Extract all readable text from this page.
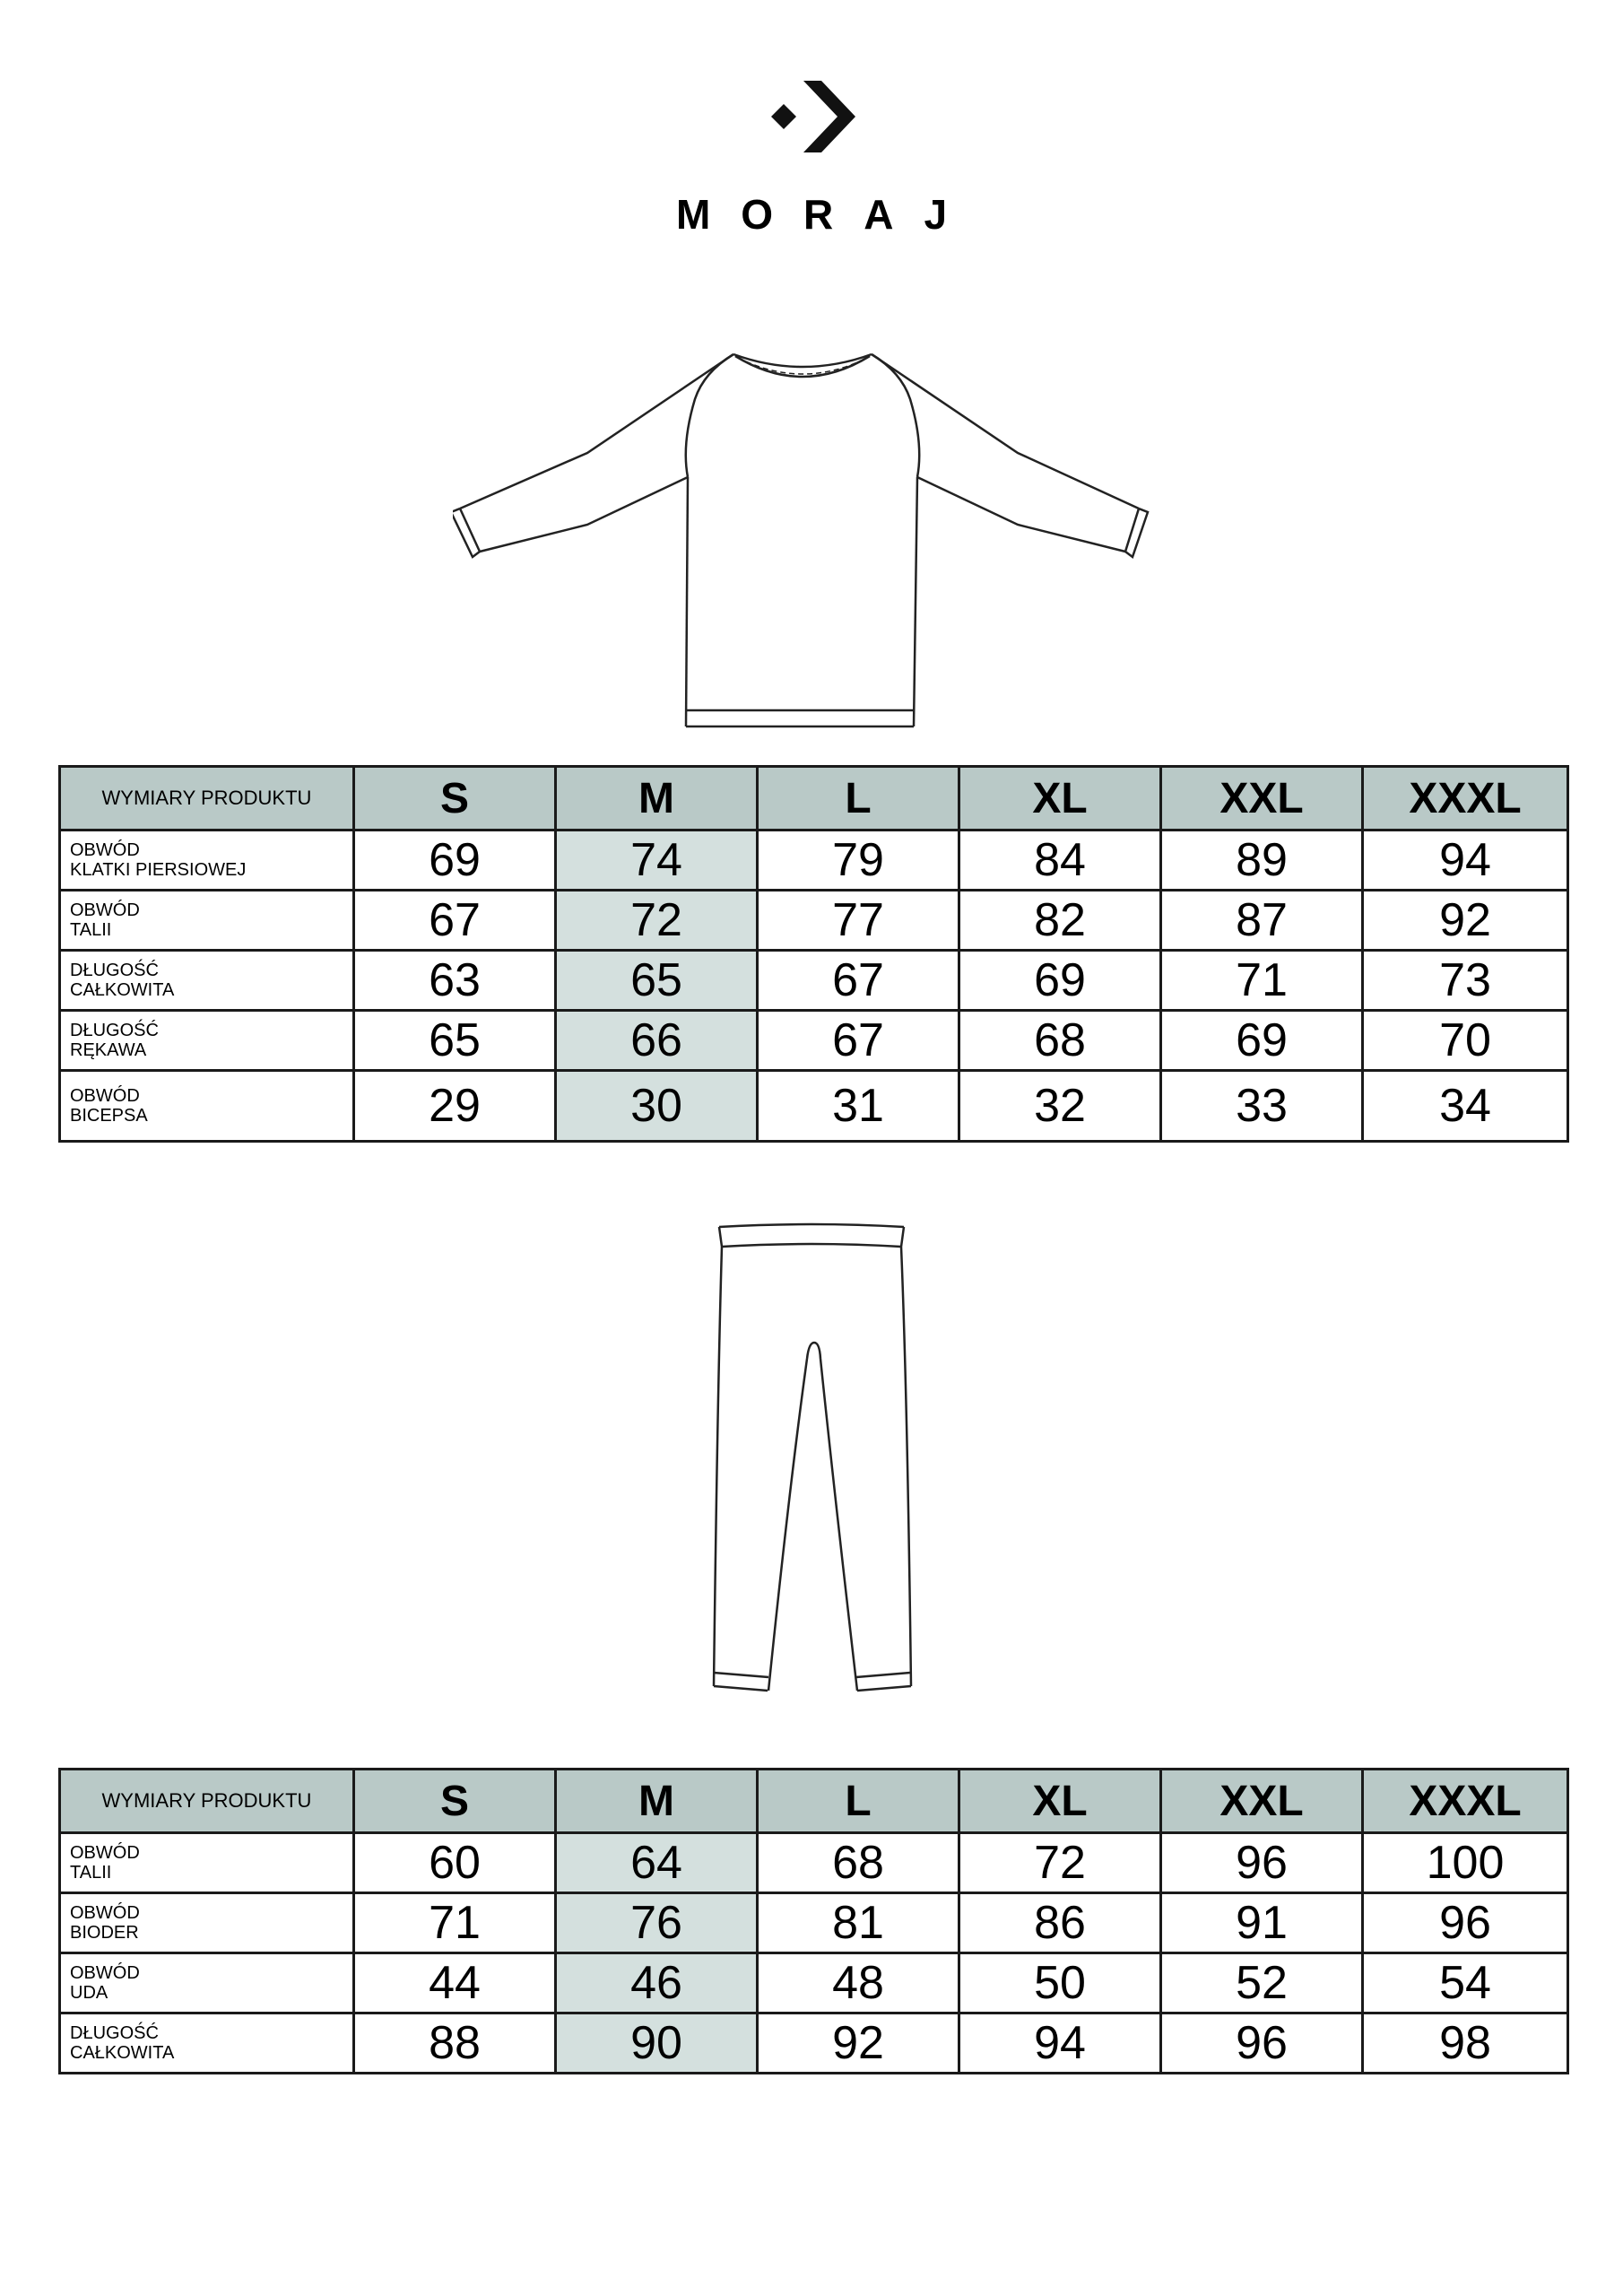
MORAJ
WYMIARY PRODUKTU	S	M	L	XL	XXL	XXXL

OBWÓD
KLATKI PIERSIOWEJ	69	74	79	84	89	94

OBWÓD
TALII	67	72	77	82	87	92

DŁUGOŚĆ
CAŁKOWITA	63	65	67	69	71	73

DŁUGOŚĆ
RĘKAWA	65	66	67	68	69	70

OBWÓD
BICEPSA	29	30	31	32	33	34
WYMIARY PRODUKTU	S	M	L	XL	XXL	XXXL

OBWÓD
TALII	60	64	68	72	96	100

OBWÓD
BIODER	71	76	81	86	91	96

OBWÓD
UDA	44	46	48	50	52	54

DŁUGOŚĆ
CAŁKOWITA	88	90	92	94	96	98
